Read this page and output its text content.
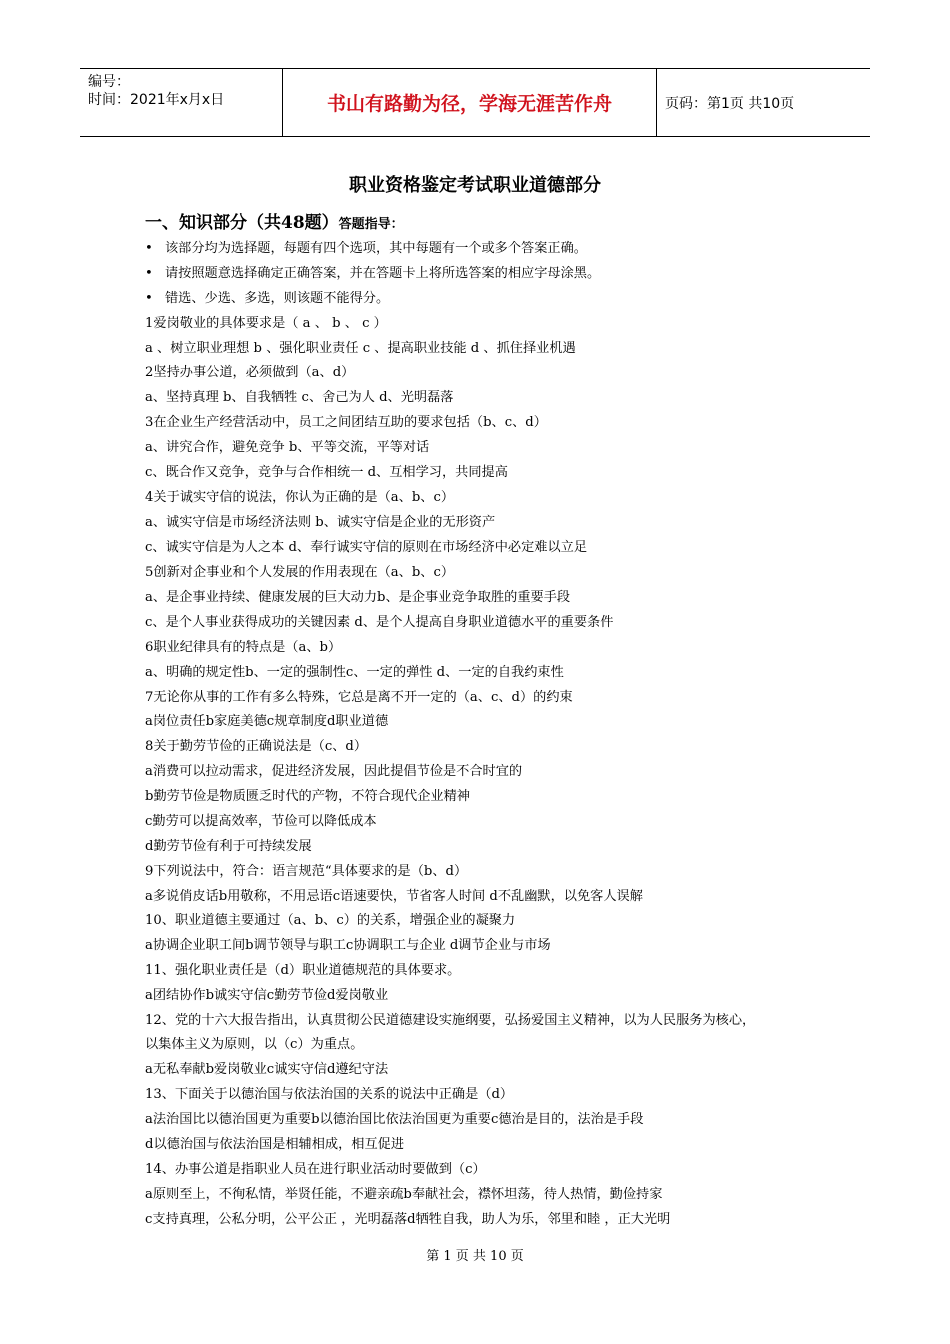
编号：
时间：2021年x月x日	书山有路勤为径，学海无涯苦作舟	页码：第1页 共10页
职业资格鉴定考试职业道德部分
一、知识部分（共48题）答题指导：
• 该部分均为选择题，每题有四个选项，其中每题有一个或多个答案正确。
• 请按照题意选择确定正确答案，并在答题卡上将所选答案的相应字母涂黑。
• 错选、少选、多选，则该题不能得分。
1爱岗敬业的具体要求是（ a 、 b 、 c ）
a 、树立职业理想 b 、强化职业责任 c 、提高职业技能 d 、抓住择业机遇
2坚持办事公道，必须做到（a、d）
a、坚持真理 b、自我牺牲 c、舍己为人 d、光明磊落
3在企业生产经营活动中，员工之间团结互助的要求包括（b、c、d）
a、讲究合作，避免竞争 b、平等交流，平等对话
c、既合作又竞争，竞争与合作相统一 d、互相学习，共同提高
4关于诚实守信的说法，你认为正确的是（a、b、c）
a、诚实守信是市场经济法则 b、诚实守信是企业的无形资产
c、诚实守信是为人之本 d、奉行诚实守信的原则在市场经济中必定难以立足
5创新对企事业和个人发展的作用表现在（a、b、c）
a、是企事业持续、健康发展的巨大动力b、是企事业竞争取胜的重要手段
c、是个人事业获得成功的关键因素 d、是个人提高自身职业道德水平的重要条件
6职业纪律具有的特点是（a、b）
a、明确的规定性b、一定的强制性c、一定的弹性 d、一定的自我约束性
7无论你从事的工作有多么特殊，它总是离不开一定的（a、c、d）的约束
a岗位责任b家庭美德c规章制度d职业道德
8关于勤劳节俭的正确说法是（c、d）
a消费可以拉动需求，促进经济发展，因此提倡节俭是不合时宜的
b勤劳节俭是物质匮乏时代的产物，不符合现代企业精神
c勤劳可以提高效率，节俭可以降低成本
d勤劳节俭有利于可持续发展
9下列说法中，符合：语言规范“具体要求的是（b、d）
a多说俏皮话b用敬称，不用忌语c语速要快，节省客人时间 d不乱幽默，以免客人误解
10、职业道德主要通过（a、b、c）的关系，增强企业的凝聚力
a协调企业职工间b调节领导与职工c协调职工与企业 d调节企业与市场
11、强化职业责任是（d）职业道德规范的具体要求。
a团结协作b诚实守信c勤劳节俭d爱岗敬业
12、党的十六大报告指出，认真贯彻公民道德建设实施纲要，弘扬爱国主义精神，以为人民服务为核心，
以集体主义为原则，以（c）为重点。
a无私奉献b爱岗敬业c诚实守信d遵纪守法
13、下面关于以德治国与依法治国的关系的说法中正确是（d）
a法治国比以德治国更为重要b以德治国比依法治国更为重要c德治是目的，法治是手段
d以德治国与依法治国是相辅相成，相互促进
14、办事公道是指职业人员在进行职业活动时要做到（c）
a原则至上，不徇私情，举贤任能，不避亲疏b奉献社会，襟怀坦荡，待人热情，勤俭持家
c支持真理，公私分明，公平公正 ，光明磊落d牺牲自我，助人为乐，邻里和睦 ，正大光明
第 1 页 共 10 页
